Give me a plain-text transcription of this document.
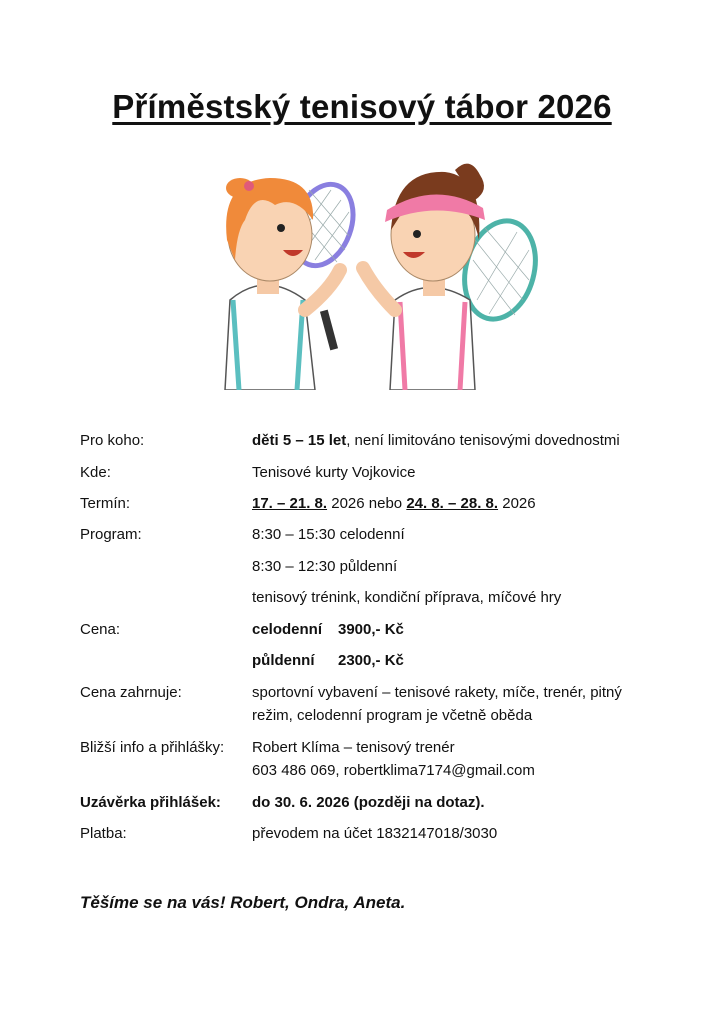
Příměstský tenisový tábor 2026
Pro koho:	děti 5 – 15 let, není limitováno tenisovými dovednostmi
Kde:	Tenisové kurty Vojkovice
Termín:	17. – 21. 8. 2026 nebo 24. 8. – 28. 8. 2026
Program:	8:30 – 15:30 celodenní
8:30 – 12:30 půldenní
tenisový trénink, kondiční příprava, míčové hry
Cena:	celodenní 3900,- Kč
půldenní 2300,- Kč
Cena zahrnuje:	sportovní vybavení – tenisové rakety, míče, trenér, pitný
režim, celodenní program je včetně oběda
Bližší info a přihlášky: Robert Klíma – tenisový trenér
603 486 069, robertklima7174@gmail.com
Uzávěrka přihlášek: do 30. 6. 2026 (později na dotaz).
Platba:	převodem na účet 1832147018/3030
Těšíme se na vás! Robert, Ondra, Aneta.
